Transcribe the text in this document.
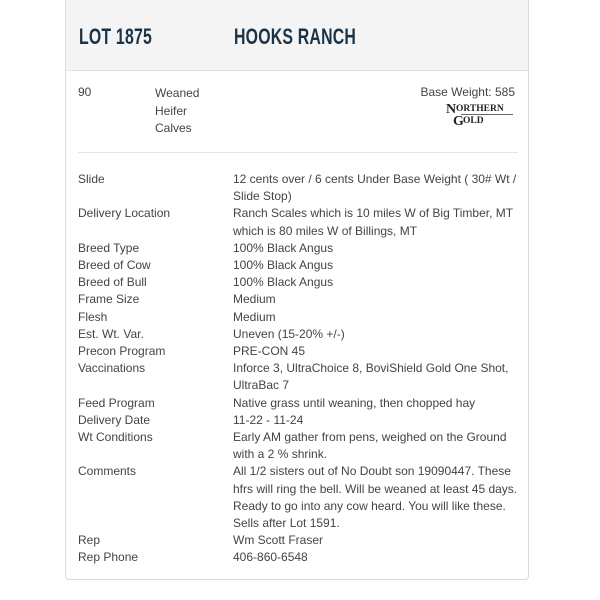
LOT 1875	HOOKS RANCH
90	Weaned
Heifer
Calves
Base Weight: 585
N ORTHERN
G OLD
Slide	12 cents over / 6 cents Under Base Weight ( 30# Wt / Slide Stop)
Delivery Location	Ranch Scales which is 10 miles W of Big Timber, MT which is 80 miles W of Billings, MT
Breed Type	100% Black Angus
Breed of Cow	100% Black Angus
Breed of Bull	100% Black Angus
Frame Size	Medium
Flesh	Medium
Est. Wt. Var.	Uneven (15-20% +/-)
Precon Program	PRE-CON 45
Vaccinations	Inforce 3, UltraChoice 8, BoviShield Gold One Shot, UltraBac 7
Feed Program	Native grass until weaning, then chopped hay
Delivery Date	11-22 - 11-24
Wt Conditions	Early AM gather from pens, weighed on the Ground with a 2 % shrink.
Comments	All 1/2 sisters out of No Doubt son 19090447. These hfrs will ring the bell. Will be weaned at least 45 days. Ready to go into any cow heard. You will like these. Sells after Lot 1591.
Rep	Wm Scott Fraser
Rep Phone	406-860-6548
